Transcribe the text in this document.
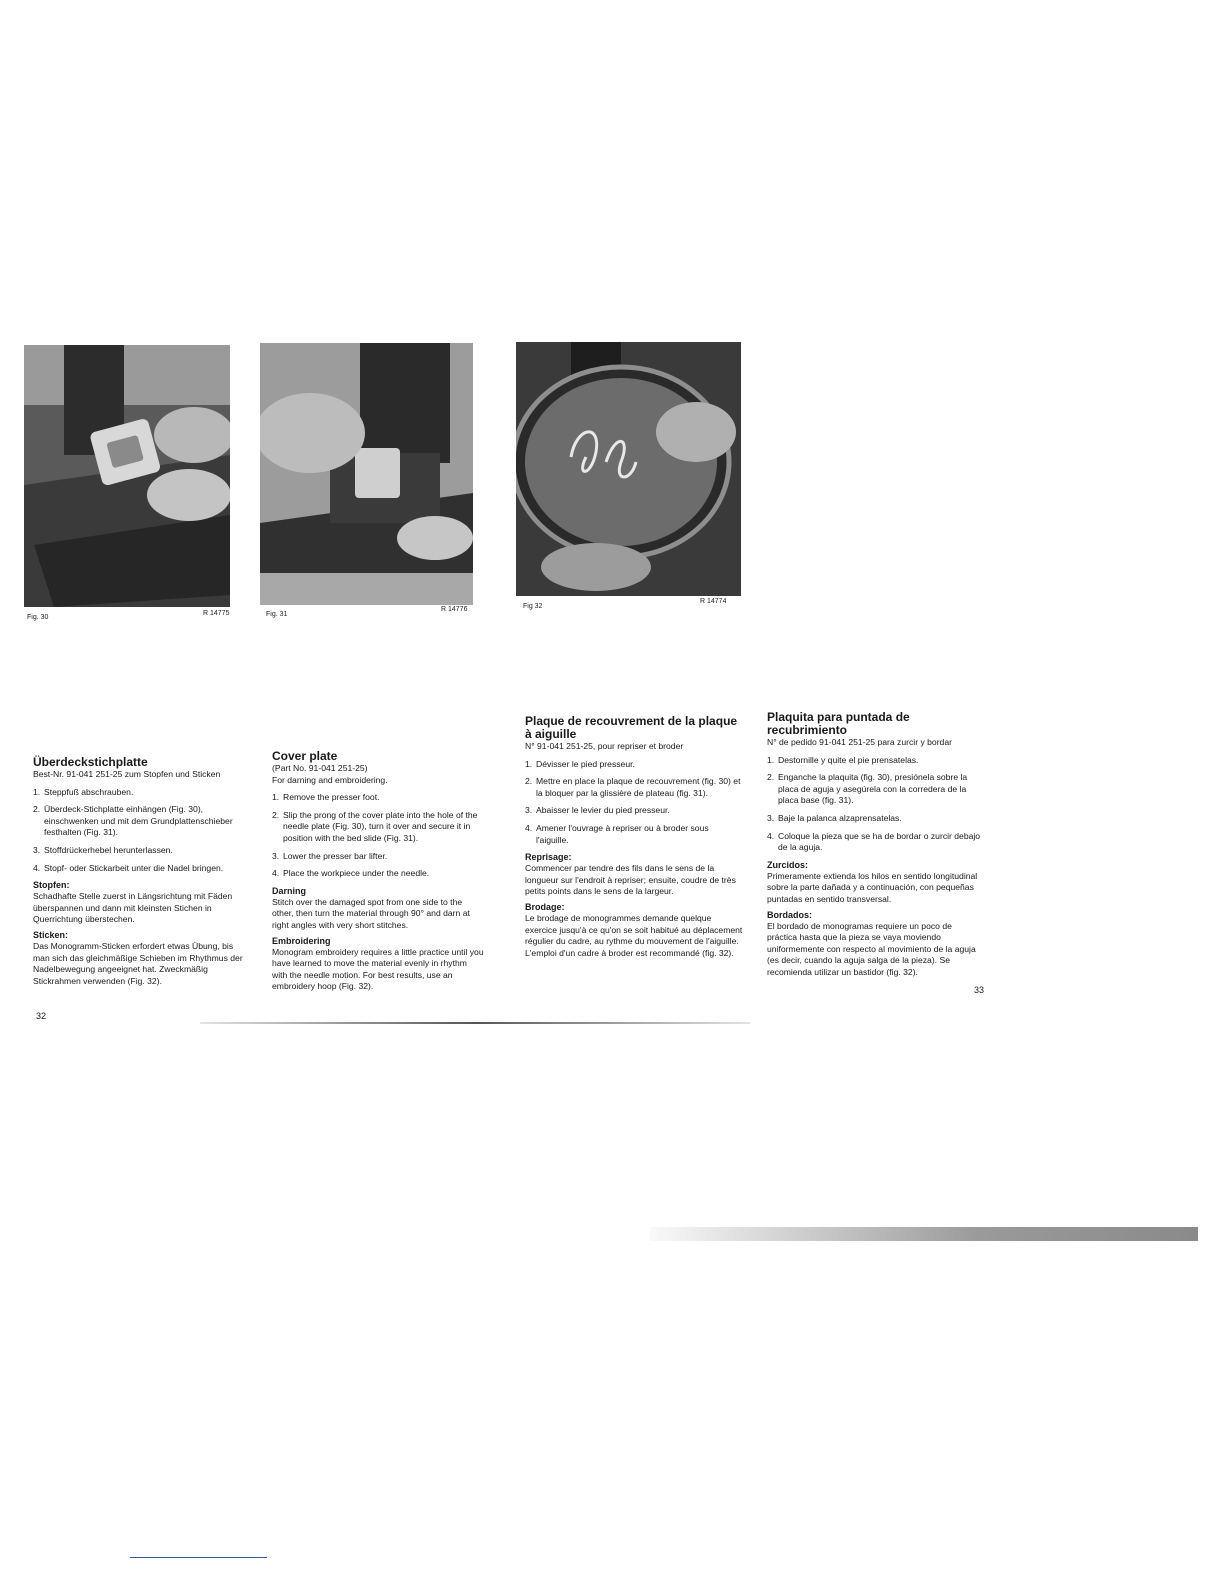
Fig. 30
R 14775	Fig. 31
R 14776	Fig 32
R 14774
Überdeckstichplatte

Best-Nr. 91-041 251-25 zum Stopfen und Sticken

1. Steppfuß abschrauben.
2. Überdeck-Stichplatte einhängen (Fig. 30), einschwenken und mit dem Grundplattenschieber festhalten (Fig. 31).
3. Stoffdrückerhebel herunterlassen.
4. Stopf- oder Stickarbeit unter die Nadel bringen.
Stopfen:

Schadhafte Stelle zuerst in Längsrichtung mit Fäden überspannen und dann mit kleinsten Stichen in Querrichtung überstechen.

Sticken:

Das Monogramm-Sticken erfordert etwas Übung, bis man sich das gleichmäßige Schieben im Rhythmus der Nadelbewegung angeeignet hat. Zweckmäßig Stickrahmen verwenden (Fig. 32).

32
Cover plate

(Part No. 91-041 251-25)

For darning and embroidering.

1. Remove the presser foot.
2. Slip the prong of the cover plate into the hole of the needle plate (Fig. 30), turn it over and secure it in position with the bed slide (Fig. 31).
3. Lower the presser bar lifter.
4. Place the workpiece under the needle.
Darning

Stitch over the damaged spot from one side to the other, then turn the material through 90° and darn at right angles with very short stitches.

Embroidering

Monogram embroidery requires a little practice until you have learned to move the material evenly in rhythm with the needle motion. For best results, use an embroidery hoop (Fig. 32).

Plaque de recouvrement de la plaque à aiguille

N° 91-041 251-25, pour repriser et broder

1. Dévisser le pied presseur.
2. Mettre en place la plaque de recouvrement (fig. 30) et la bloquer par la glissière de plateau (fig. 31).
3. Abaisser le levier du pied presseur.
4. Amener l'ouvrage à repriser ou à broder sous l'aiguille.
Reprisage:

Commencer par tendre des fils dans le sens de la longueur sur l'endroit à repriser; ensuite, coudre de très petits points dans le sens de la largeur.

Brodage:

Le brodage de monogrammes demande quelque exercice jusqu'à ce qu'on se soit habitué au déplacement régulier du cadre, au rythme du mouvement de l'aiguille. L'emploi d'un cadre à broder est recommandé (fig. 32).

Plaquita para puntada de recubrimiento

N° de pedido 91-041 251-25 para zurcir y bordar

1. Destornille y quite el pie prensatelas.
2. Enganche la plaquita (fig. 30), presiónela sobre la placa de aguja y asegúrela con la corredera de la placa base (fig. 31).
3. Baje la palanca alzaprensatelas.
4. Coloque la pieza que se ha de bordar o zurcir debajo de la aguja.
Zurcidos:

Primeramente extienda los hilos en sentido longitudinal sobre la parte dañada y a continuación, con pequeñas puntadas en sentido transversal.

Bordados:

El bordado de monogramas requiere un poco de práctica hasta que la pieza se vaya moviendo uniformemente con respecto al movimiento de la aguja (es decir, cuando la aguja salga de la pieza). Se recomienda utilizar un bastidor (fig. 32).

33
